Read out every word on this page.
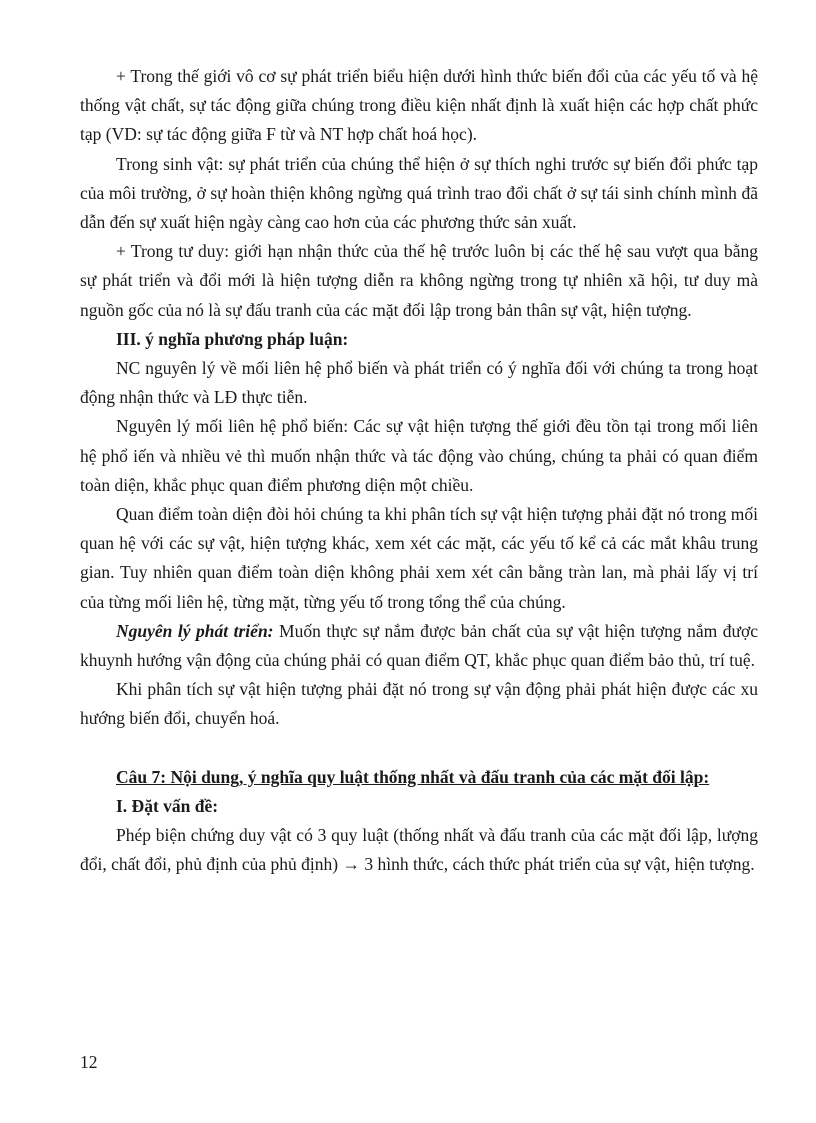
+ Trong thế giới vô cơ sự phát triển biểu hiện dưới hình thức biến đổi của các yếu tố và hệ thống vật chất, sự tác động giữa chúng trong điều kiện nhất định là xuất hiện các hợp chất phức tạp (VD: sự tác động giữa F từ và NT hợp chất hoá học).

Trong sinh vật: sự phát triển của chúng thể hiện ở sự thích nghi trước sự biến đổi phức tạp của môi trường, ở sự hoàn thiện không ngừng quá trình trao đổi chất ở sự tái sinh chính mình đã dẫn đến sự xuất hiện ngày càng cao hơn của các phương thức sản xuất.

+ Trong tư duy: giới hạn nhận thức của thế hệ trước luôn bị các thế hệ sau vượt qua bằng sự phát triển và đổi mới là hiện tượng diễn ra không ngừng trong tự nhiên xã hội, tư duy mà nguồn gốc của nó là sự đấu tranh của các mặt đối lập trong bản thân sự vật, hiện tượng.

III. ý nghĩa phương pháp luận:

NC nguyên lý về mối liên hệ phổ biến và phát triển có ý nghĩa đối với chúng ta trong hoạt động nhận thức và LĐ thực tiễn.

Nguyên lý mối liên hệ phổ biến: Các sự vật hiện tượng thế giới đều tồn tại trong mối liên hệ phổ iến và nhiều vẻ thì muốn nhận thức và tác động vào chúng, chúng ta phải có quan điểm toàn diện, khắc phục quan điểm phương diện một chiều.

Quan điểm toàn diện đòi hỏi chúng ta khi phân tích sự vật hiện tượng phải đặt nó trong mối quan hệ với các sự vật, hiện tượng khác, xem xét các mặt, các yếu tố kể cả các mắt khâu trung gian. Tuy nhiên quan điểm toàn diện không phải xem xét cân bằng tràn lan, mà phải lấy vị trí của từng mối liên hệ, từng mặt, từng yếu tố trong tổng thể của chúng.

Nguyên lý phát triển: Muốn thực sự nắm được bản chất của sự vật hiện tượng nắm được khuynh hướng vận động của chúng phải có quan điểm QT, khắc phục quan điểm bảo thủ, trí tuệ.

Khi phân tích sự vật hiện tượng phải đặt nó trong sự vận động phải phát hiện được các xu hướng biến đổi, chuyển hoá.

Câu 7: Nội dung, ý nghĩa quy luật thống nhất và đấu tranh của các mặt đối lập:

I. Đặt vấn đề:

Phép biện chứng duy vật có 3 quy luật (thống nhất và đấu tranh của các mặt đối lập, lượng đổi, chất đổi, phủ định của phủ định) → 3 hình thức, cách thức phát triển của sự vật, hiện tượng.

12
